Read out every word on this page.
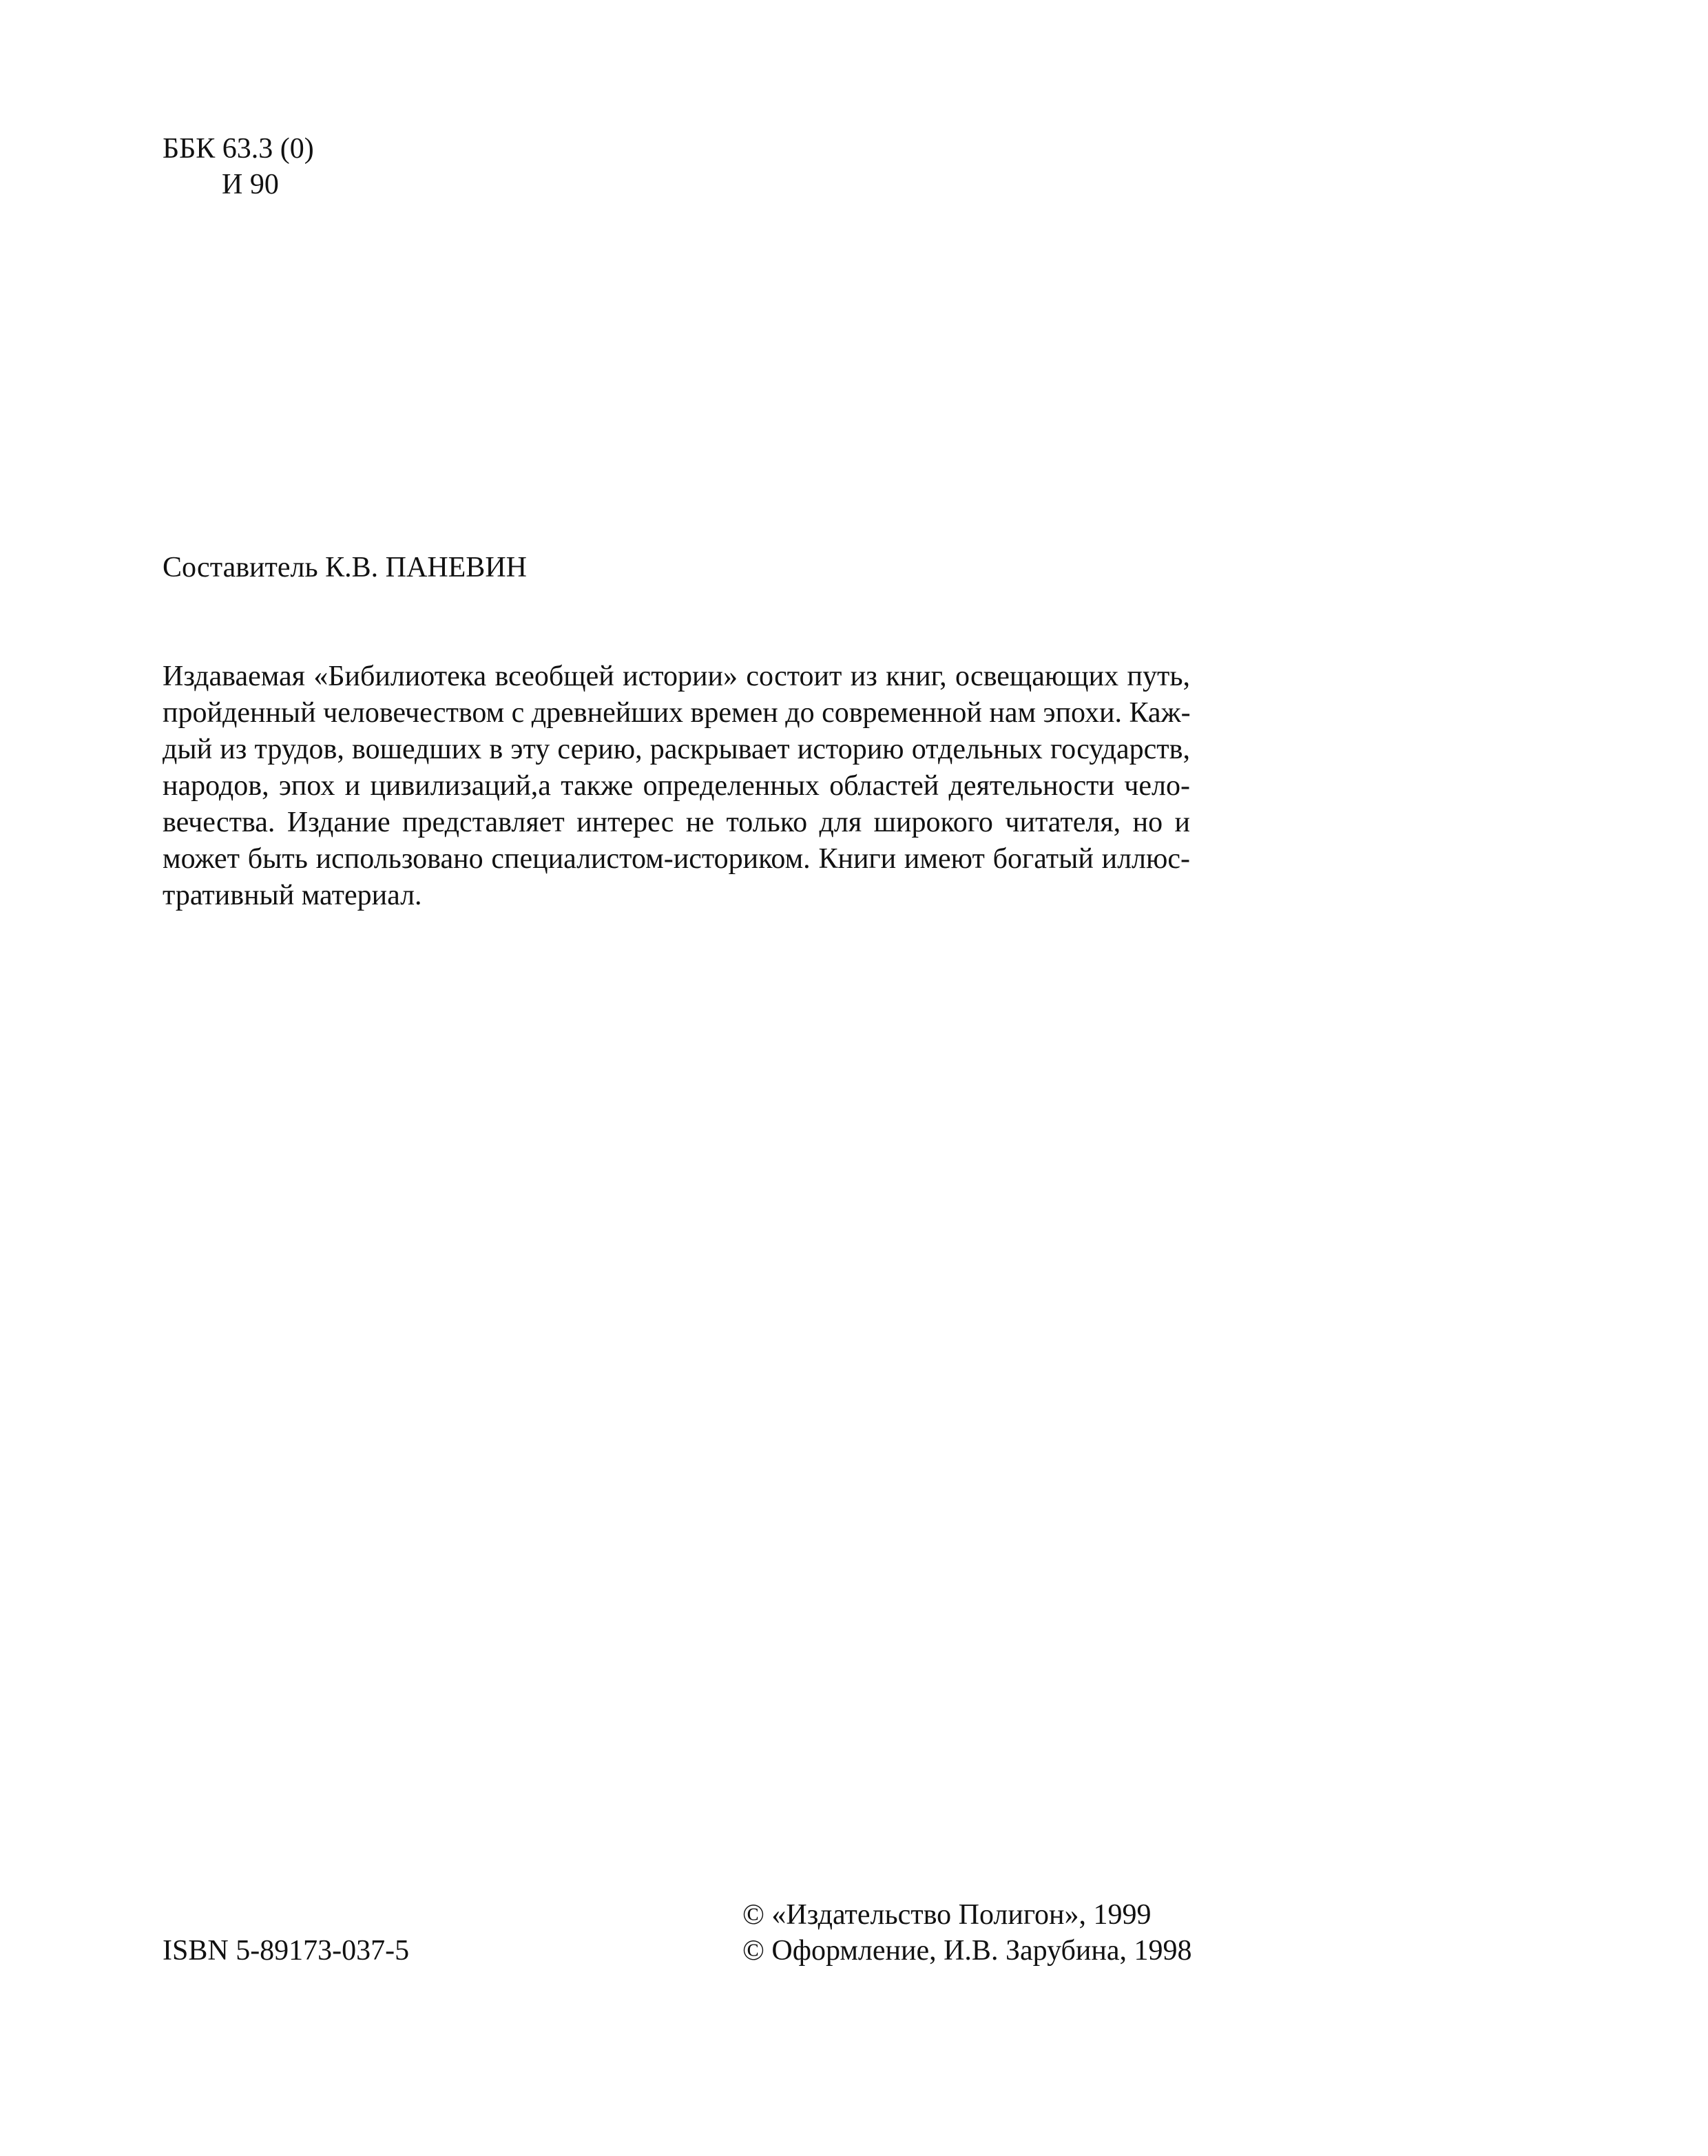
ББК 63.3 (0)
И 90
Составитель К.В. ПАНЕВИН
Издаваемая «Бибилиотека всеобщей истории» состоит из книг, освещающих путь,
пройденный человечеством с древнейших времен до современной нам эпохи. Каж-
дый из трудов, вошедших в эту серию, раскрывает историю отдельных государств,
народов, эпох и цивилизаций,а также определенных областей деятельности чело-
вечества. Издание представляет интерес не только для широкого читателя, но и
может быть использовано специалистом-историком. Книги имеют богатый иллюс-
тративный материал.
ISBN 5-89173-037-5
© «Издательство Полигон», 1999
© Оформление, И.В. Зарубина, 1998
